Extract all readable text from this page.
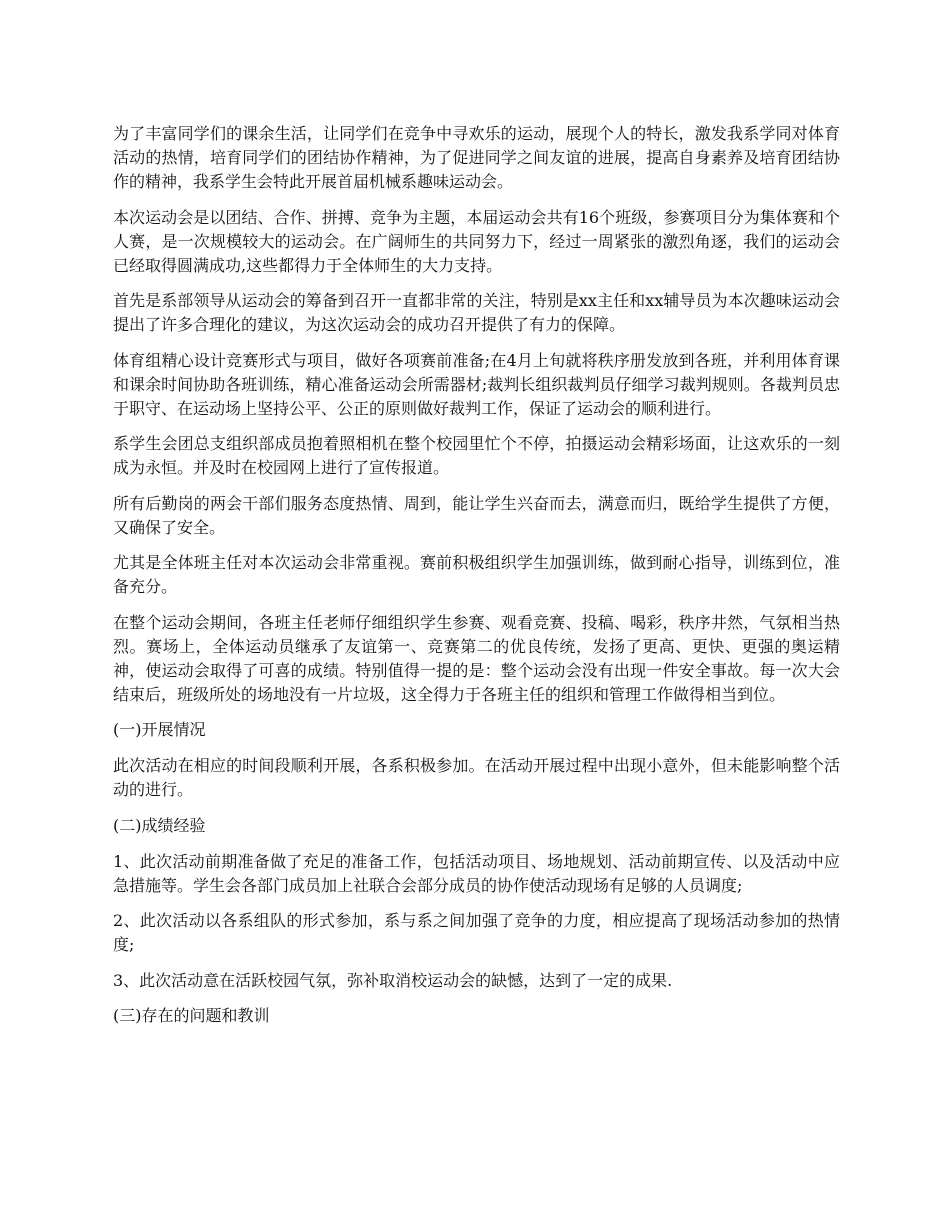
为了丰富同学们的课余生活，让同学们在竞争中寻欢乐的运动，展现个人的特长，激发我系学同对体育活动的热情，培育同学们的团结协作精神，为了促进同学之间友谊的进展，提高自身素养及培育团结协作的精神，我系学生会特此开展首届机械系趣味运动会。

本次运动会是以团结、合作、拼搏、竞争为主题，本届运动会共有16个班级，参赛项目分为集体赛和个人赛，是一次规模较大的运动会。在广阔师生的共同努力下，经过一周紧张的激烈角逐，我们的运动会已经取得圆满成功,这些都得力于全体师生的大力支持。

首先是系部领导从运动会的筹备到召开一直都非常的关注，特别是xx主任和xx辅导员为本次趣味运动会提出了许多合理化的建议，为这次运动会的成功召开提供了有力的保障。

体育组精心设计竞赛形式与项目，做好各项赛前准备;在4月上旬就将秩序册发放到各班，并利用体育课和课余时间协助各班训练，精心准备运动会所需器材;裁判长组织裁判员仔细学习裁判规则。各裁判员忠于职守、在运动场上坚持公平、公正的原则做好裁判工作，保证了运动会的顺利进行。

系学生会团总支组织部成员抱着照相机在整个校园里忙个不停，拍摄运动会精彩场面，让这欢乐的一刻成为永恒。并及时在校园网上进行了宣传报道。

所有后勤岗的两会干部们服务态度热情、周到，能让学生兴奋而去，满意而归，既给学生提供了方便，又确保了安全。

尤其是全体班主任对本次运动会非常重视。赛前积极组织学生加强训练，做到耐心指导，训练到位，准备充分。

在整个运动会期间，各班主任老师仔细组织学生参赛、观看竞赛、投稿、喝彩，秩序井然，气氛相当热烈。赛场上，全体运动员继承了友谊第一、竞赛第二的优良传统，发扬了更高、更快、更强的奥运精神，使运动会取得了可喜的成绩。特别值得一提的是：整个运动会没有出现一件安全事故。每一次大会结束后，班级所处的场地没有一片垃圾，这全得力于各班主任的组织和管理工作做得相当到位。

(一)开展情况

此次活动在相应的时间段顺利开展，各系积极参加。在活动开展过程中出现小意外，但未能影响整个活动的进行。

(二)成绩经验

1、此次活动前期准备做了充足的准备工作，包括活动项目、场地规划、活动前期宣传、以及活动中应急措施等。学生会各部门成员加上社联合会部分成员的协作使活动现场有足够的人员调度;

2、此次活动以各系组队的形式参加，系与系之间加强了竞争的力度，相应提高了现场活动参加的热情度;

3、此次活动意在活跃校园气氛，弥补取消校运动会的缺憾，达到了一定的成果.

(三)存在的问题和教训
